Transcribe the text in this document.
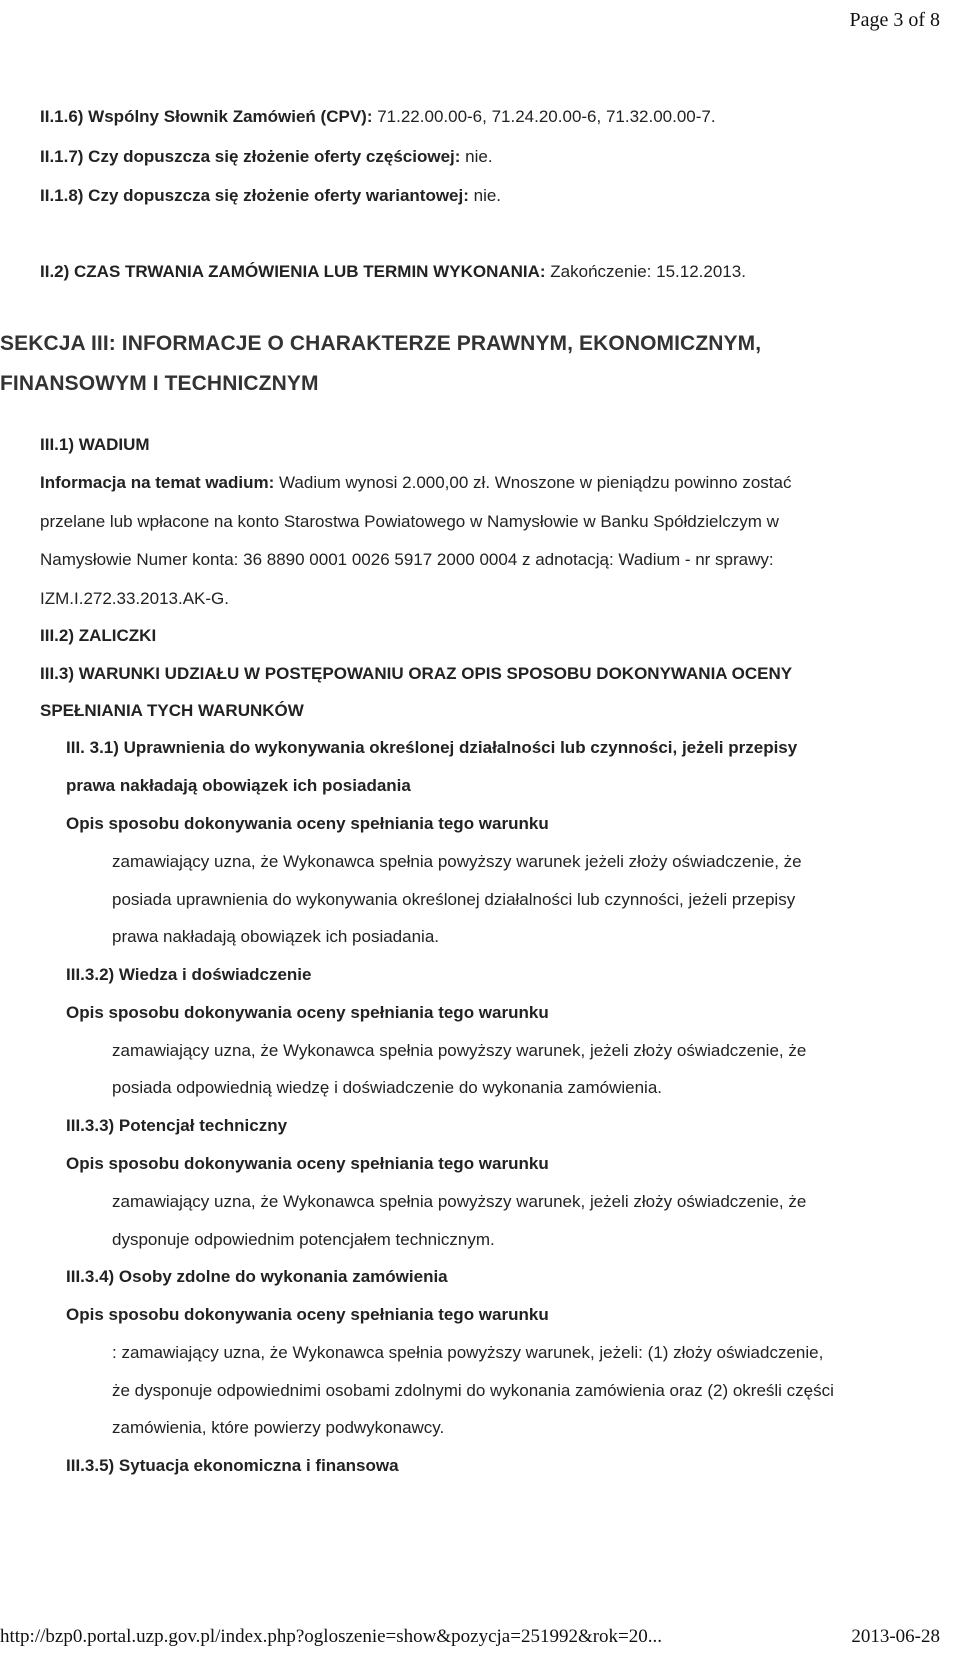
Page 3 of 8
II.1.6) Wspólny Słownik Zamówień (CPV): 71.22.00.00-6, 71.24.20.00-6, 71.32.00.00-7.
II.1.7) Czy dopuszcza się złożenie oferty częściowej: nie.
II.1.8) Czy dopuszcza się złożenie oferty wariantowej: nie.
II.2) CZAS TRWANIA ZAMÓWIENIA LUB TERMIN WYKONANIA: Zakończenie: 15.12.2013.
SEKCJA III: INFORMACJE O CHARAKTERZE PRAWNYM, EKONOMICZNYM,
FINANSOWYM I TECHNICZNYM
III.1) WADIUM
Informacja na temat wadium: Wadium wynosi 2.000,00 zł. Wnoszone w pieniądzu powinno zostać
przelane lub wpłacone na konto Starostwa Powiatowego w Namysłowie w Banku Spółdzielczym w
Namysłowie Numer konta: 36 8890 0001 0026 5917 2000 0004 z adnotacją: Wadium - nr sprawy:
IZM.I.272.33.2013.AK-G.
III.2) ZALICZKI
III.3) WARUNKI UDZIAŁU W POSTĘPOWANIU ORAZ OPIS SPOSOBU DOKONYWANIA OCENY
SPEŁNIANIA TYCH WARUNKÓW
III. 3.1) Uprawnienia do wykonywania określonej działalności lub czynności, jeżeli przepisy
prawa nakładają obowiązek ich posiadania
Opis sposobu dokonywania oceny spełniania tego warunku
zamawiający uzna, że Wykonawca spełnia powyższy warunek jeżeli złoży oświadczenie, że
posiada uprawnienia do wykonywania określonej działalności lub czynności, jeżeli przepisy
prawa nakładają obowiązek ich posiadania.
III.3.2) Wiedza i doświadczenie
Opis sposobu dokonywania oceny spełniania tego warunku
zamawiający uzna, że Wykonawca spełnia powyższy warunek, jeżeli złoży oświadczenie, że
posiada odpowiednią wiedzę i doświadczenie do wykonania zamówienia.
III.3.3) Potencjał techniczny
Opis sposobu dokonywania oceny spełniania tego warunku
zamawiający uzna, że Wykonawca spełnia powyższy warunek, jeżeli złoży oświadczenie, że
dysponuje odpowiednim potencjałem technicznym.
III.3.4) Osoby zdolne do wykonania zamówienia
Opis sposobu dokonywania oceny spełniania tego warunku
: zamawiający uzna, że Wykonawca spełnia powyższy warunek, jeżeli: (1) złoży oświadczenie,
że dysponuje odpowiednimi osobami zdolnymi do wykonania zamówienia oraz (2) określi części
zamówienia, które powierzy podwykonawcy.
III.3.5) Sytuacja ekonomiczna i finansowa
http://bzp0.portal.uzp.gov.pl/index.php?ogloszenie=show&pozycja=251992&rok=20...	2013-06-28
